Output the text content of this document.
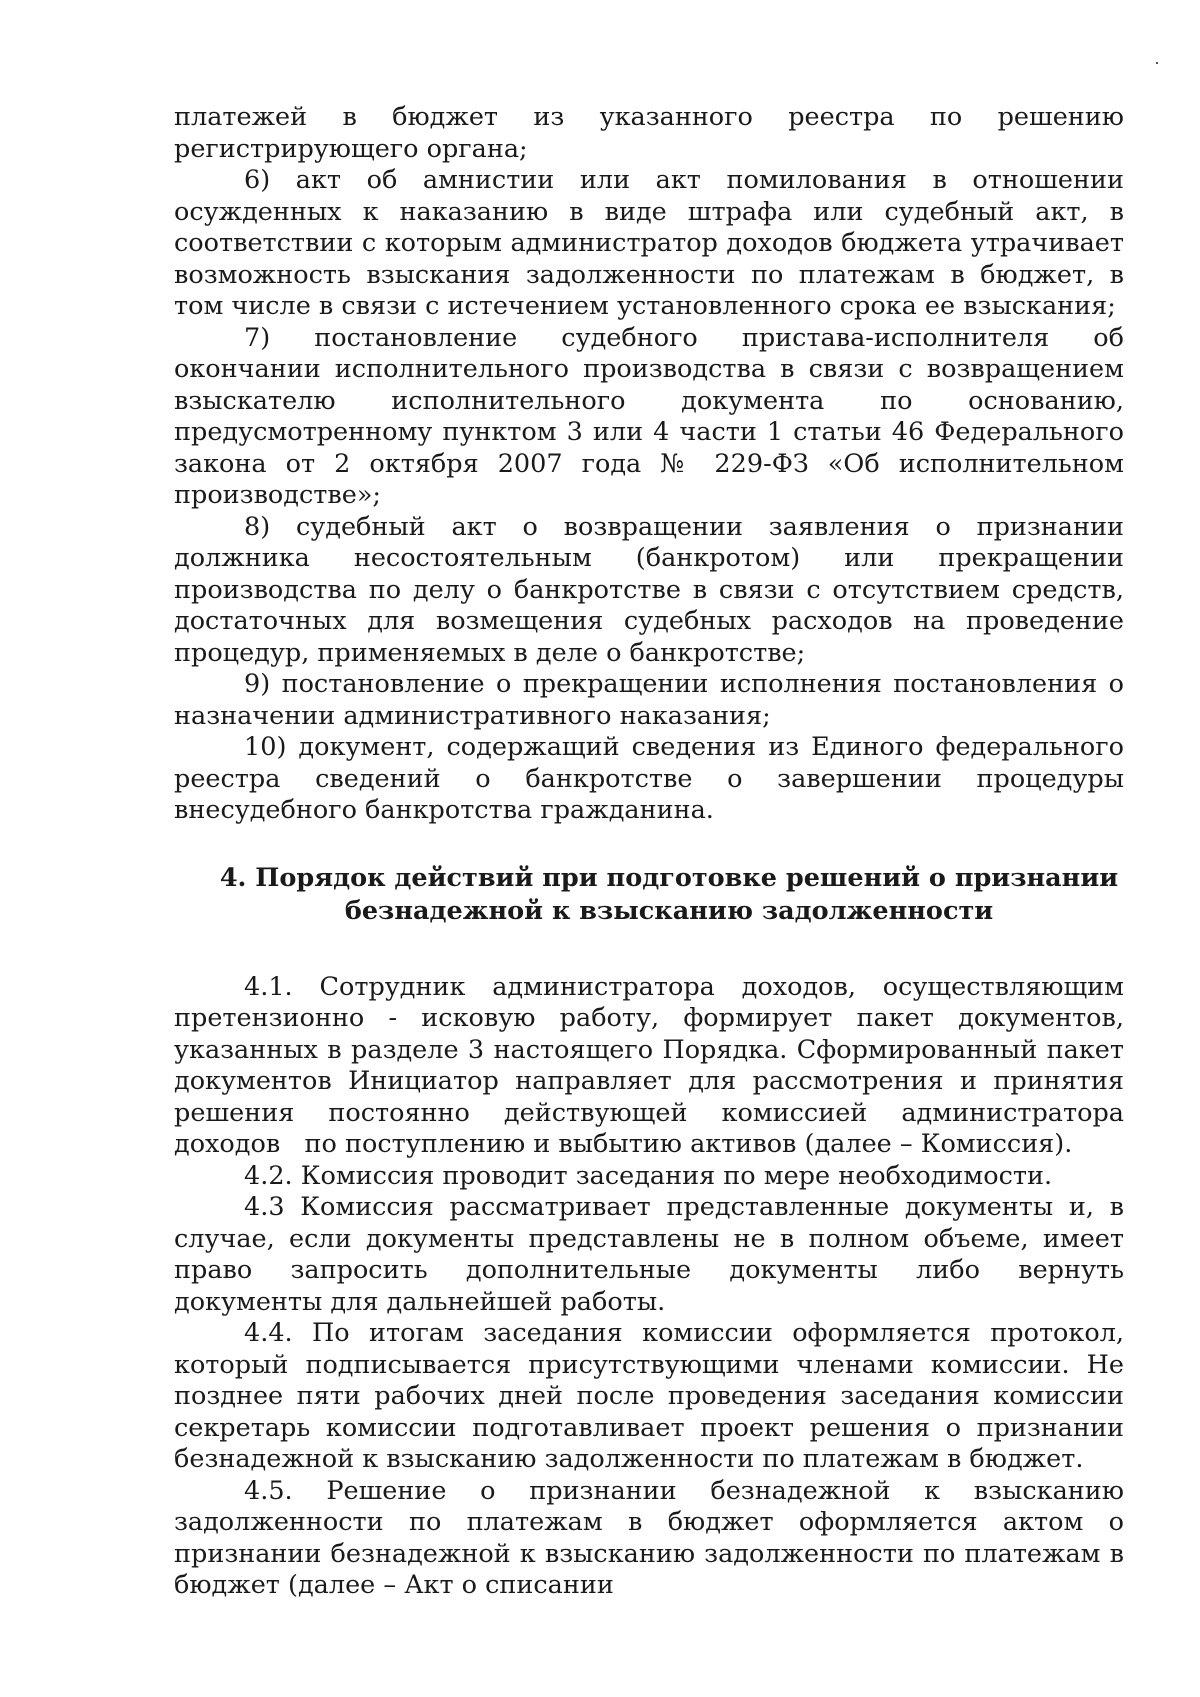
платежей в бюджет из указанного реестра по решению регистрирующего органа;

6) акт об амнистии или акт помилования в отношении осужденных к наказанию в виде штрафа или судебный акт, в соответствии с которым администратор доходов бюджета утрачивает возможность взыскания задолженности по платежам в бюджет, в том числе в связи с истечением установленного срока ее взыскания;

7) постановление судебного пристава-исполнителя об окончании исполнительного производства в связи с возвращением взыскателю исполнительного документа по основанию, предусмотренному пунктом 3 или 4 части 1 статьи 46 Федерального закона от 2 октября 2007 года № 229-ФЗ «Об исполнительном производстве»;

8) судебный акт о возвращении заявления о признании должника несостоятельным (банкротом) или прекращении производства по делу о банкротстве в связи с отсутствием средств, достаточных для возмещения судебных расходов на проведение процедур, применяемых в деле о банкротстве;

9) постановление о прекращении исполнения постановления о назначении административного наказания;

10) документ, содержащий сведения из Единого федерального реестра сведений о банкротстве о завершении процедуры внесудебного банкротства гражданина.

4. Порядок действий при подготовке решений о признании
безнадежной к взысканию задолженности

4.1.   Сотрудник   администратора   доходов,   осуществляющим претензионно - исковую работу, формирует пакет документов, указанных в разделе 3 настоящего Порядка. Сформированный пакет документов Инициатор направляет для рассмотрения и принятия решения постоянно действующей комиссией администратора доходов   по поступлению и выбытию активов (далее – Комиссия).

4.2. Комиссия проводит заседания по мере необходимости.

4.3 Комиссия рассматривает представленные документы и, в случае, если документы представлены не в полном объеме, имеет право запросить дополнительные документы либо вернуть документы для дальнейшей работы.

4.4. По итогам заседания комиссии оформляется протокол, который подписывается присутствующими членами комиссии. Не позднее пяти рабочих дней после проведения заседания комиссии секретарь комиссии подготавливает проект решения о признании безнадежной к взысканию задолженности по платежам в бюджет.

4.5. Решение о признании безнадежной к взысканию задолженности по платежам в бюджет оформляется актом о признании безнадежной к взысканию задолженности по платежам в бюджет (далее – Акт о списании
